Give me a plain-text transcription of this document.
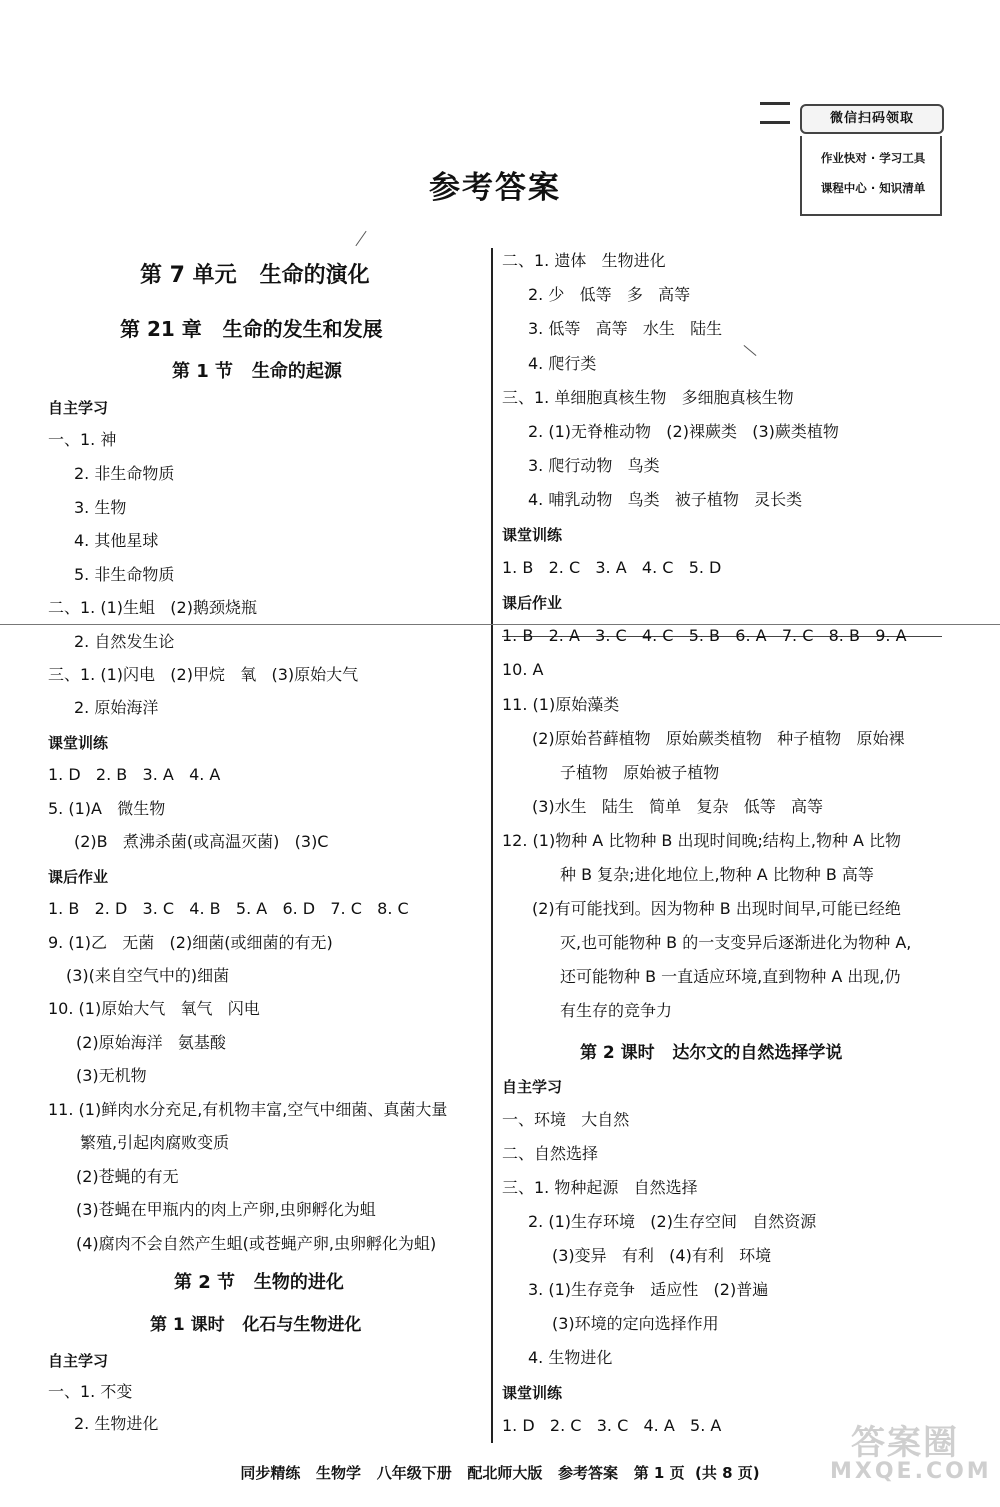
微信扫码领取
作业快对 · 学习工具
课程中心 · 知识清单
参考答案
第 7 单元   生命的演化
第 21 章   生命的发生和发展
第 1 节   生命的起源
自主学习
一、1. 神
2. 非生命物质
3. 生物
4. 其他星球
5. 非生命物质
二、1. (1)生蛆   (2)鹅颈烧瓶
2. 自然发生论
三、1. (1)闪电   (2)甲烷   氧   (3)原始大气
2. 原始海洋
课堂训练
1. D   2. B   3. A   4. A
5. (1)A   微生物
(2)B   煮沸杀菌(或高温灭菌)   (3)C
课后作业
1. B   2. D   3. C   4. B   5. A   6. D   7. C   8. C
9. (1)乙   无菌   (2)细菌(或细菌的有无)
(3)(来自空气中的)细菌
10. (1)原始大气   氧气   闪电
(2)原始海洋   氨基酸
(3)无机物
11. (1)鲜肉水分充足,有机物丰富,空气中细菌、真菌大量
繁殖,引起肉腐败变质
(2)苍蝇的有无
(3)苍蝇在甲瓶内的肉上产卵,虫卵孵化为蛆
(4)腐肉不会自然产生蛆(或苍蝇产卵,虫卵孵化为蛆)
第 2 节   生物的进化
第 1 课时   化石与生物进化
自主学习
一、1. 不变
2. 生物进化
二、1. 遗体   生物进化
2. 少   低等   多   高等
3. 低等   高等   水生   陆生
4. 爬行类
三、1. 单细胞真核生物   多细胞真核生物
2. (1)无脊椎动物   (2)裸蕨类   (3)蕨类植物
3. 爬行动物   鸟类
4. 哺乳动物   鸟类   被子植物   灵长类
课堂训练
1. B   2. C   3. A   4. C   5. D
课后作业
1. B   2. A   3. C   4. C   5. B   6. A   7. C   8. B   9. A
10. A
11. (1)原始藻类
(2)原始苔藓植物   原始蕨类植物   种子植物   原始裸
子植物   原始被子植物
(3)水生   陆生   简单   复杂   低等   高等
12. (1)物种 A 比物种 B 出现时间晚;结构上,物种 A 比物
种 B 复杂;进化地位上,物种 A 比物种 B 高等
(2)有可能找到。因为物种 B 出现时间早,可能已经绝
灭,也可能物种 B 的一支变异后逐渐进化为物种 A,
还可能物种 B 一直适应环境,直到物种 A 出现,仍
有生存的竞争力
第 2 课时   达尔文的自然选择学说
自主学习
一、环境   大自然
二、自然选择
三、1. 物种起源   自然选择
2. (1)生存环境   (2)生存空间   自然资源
(3)变异   有利   (4)有利   环境
3. (1)生存竞争   适应性   (2)普遍
(3)环境的定向选择作用
4. 生物进化
课堂训练
1. D   2. C   3. C   4. A   5. A	答案圈
MXQE.COM
同步精练   生物学   八年级下册   配北师大版   参考答案   第 1 页  (共 8 页)
